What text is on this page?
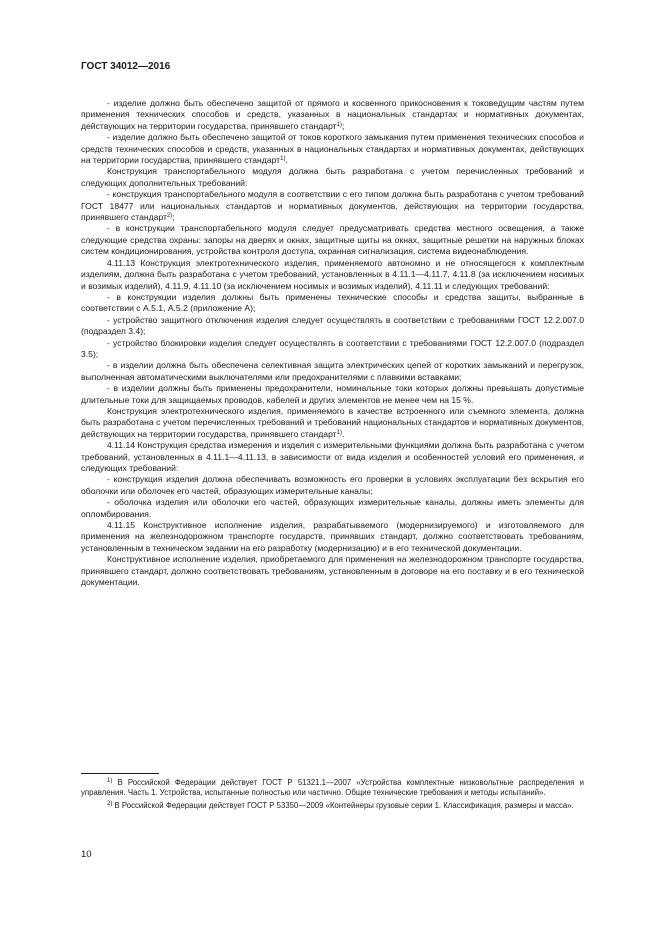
ГОСТ 34012—2016

- изделие должно быть обеспечено защитой от прямого и косвенного прикосновения к токоведущим частям путем применения технических способов и средств, указанных в национальных стандартах и нормативных документах, действующих на территории государства, принявшего стандарт$^{1)}$;

- изделие должно быть обеспечено защитой от токов короткого замыкания путем применения технических способов и средств технических способов и средств, указанных в национальных стандартах и нормативных документах, действующих на территории государства, принявшего стандарт$^{1)}$.

Конструкция транспортабельного модуля должна быть разработана с учетом перечисленных требований и следующих дополнительных требований:

- конструкция транспортабельного модуля в соответствии с его типом должна быть разработана с учетом требований ГОСТ 18477 или национальных стандартов и нормативных документов, действующих на территории государства, принявшего стандарт$^{2)}$;

- в конструкции транспортабельного модуля следует предусматривать средства местного освещения, а также следующие средства охраны: запоры на дверях и окнах, защитные щиты на окнах, защитные решетки на наружных блоках систем кондиционирования, устройства контроля доступа, охранная сигнализация, система видеонаблюдения.

4.11.13 Конструкция электротехнического изделия, применяемого автономно и не относящегося к комплектным изделиям, должна быть разработана с учетом требований, установленных в 4.11.1—4.11.7, 4.11.8 (за исключением носимых и возимых изделий), 4.11.9, 4.11.10 (за исключением носимых и возимых изделий), 4.11.11 и следующих требований:

- в конструкции изделия должны быть применены технические способы и средства защиты, выбранные в соответствии с А.5.1, А.5.2 (приложение А);

- устройство защитного отключения изделия следует осуществлять в соответствии с требованиями ГОСТ 12.2.007.0 (подраздел 3.4);

- устройство блокировки изделия следует осуществлять в соответствии с требованиями ГОСТ 12.2.007.0 (подраздел 3.5);

- в изделии должна быть обеспечена селективная защита электрических цепей от коротких замыканий и перегрузок, выполненная автоматическими выключателями или предохранителями с плавкими вставками;

- в изделии должны быть применены предохранители, номинальные токи которых должны превышать допустимые длительные токи для защищаемых проводов, кабелей и других элементов не менее чем на 15 %.

Конструкция электротехнического изделия, применяемого в качестве встроенного или съемного элемента, должна быть разработана с учетом перечисленных требований и требований национальных стандартов и нормативных документов, действующих на территории государства, принявшего стандарт$^{1)}$.

4.11.14 Конструкция средства измерения и изделия с измерительными функциями должна быть разработана с учетом требований, установленных в 4.11.1—4.11.13, в зависимости от вида изделия и особенностей условий его применения, и следующих требований:

- конструкция изделия должна обеспечивать возможность его проверки в условиях эксплуатации без вскрытия его оболочки или оболочек его частей, образующих измерительные каналы;

- оболочка изделия или оболочки его частей, образующих измерительные каналы, должны иметь элементы для опломбирования.

4.11.15 Конструктивное исполнение изделия, разрабатываемого (модернизируемого) и изготовляемого для применения на железнодорожном транспорте государств, принявших стандарт, должно соответствовать требованиям, установленным в техническом задании на его разработку (модернизацию) и в его технической документации.

Конструктивное исполнение изделия, приобретаемого для применения на железнодорожном транспорте государства, принявшего стандарт, должно соответствовать требованиям, установленным в договоре на его поставку и в его технической документации.

$^{1)}$ В Российской Федерации действует ГОСТ Р 51321.1—2007 «Устройства комплектные низковольтные распределения и управления. Часть 1. Устройства, испытанные полностью или частично. Общие технические требования и методы испытаний».

$^{2)}$ В Российской Федерации действует ГОСТ Р 53350—2009 «Контейнеры грузовые серии 1. Классификация, размеры и масса».

10
